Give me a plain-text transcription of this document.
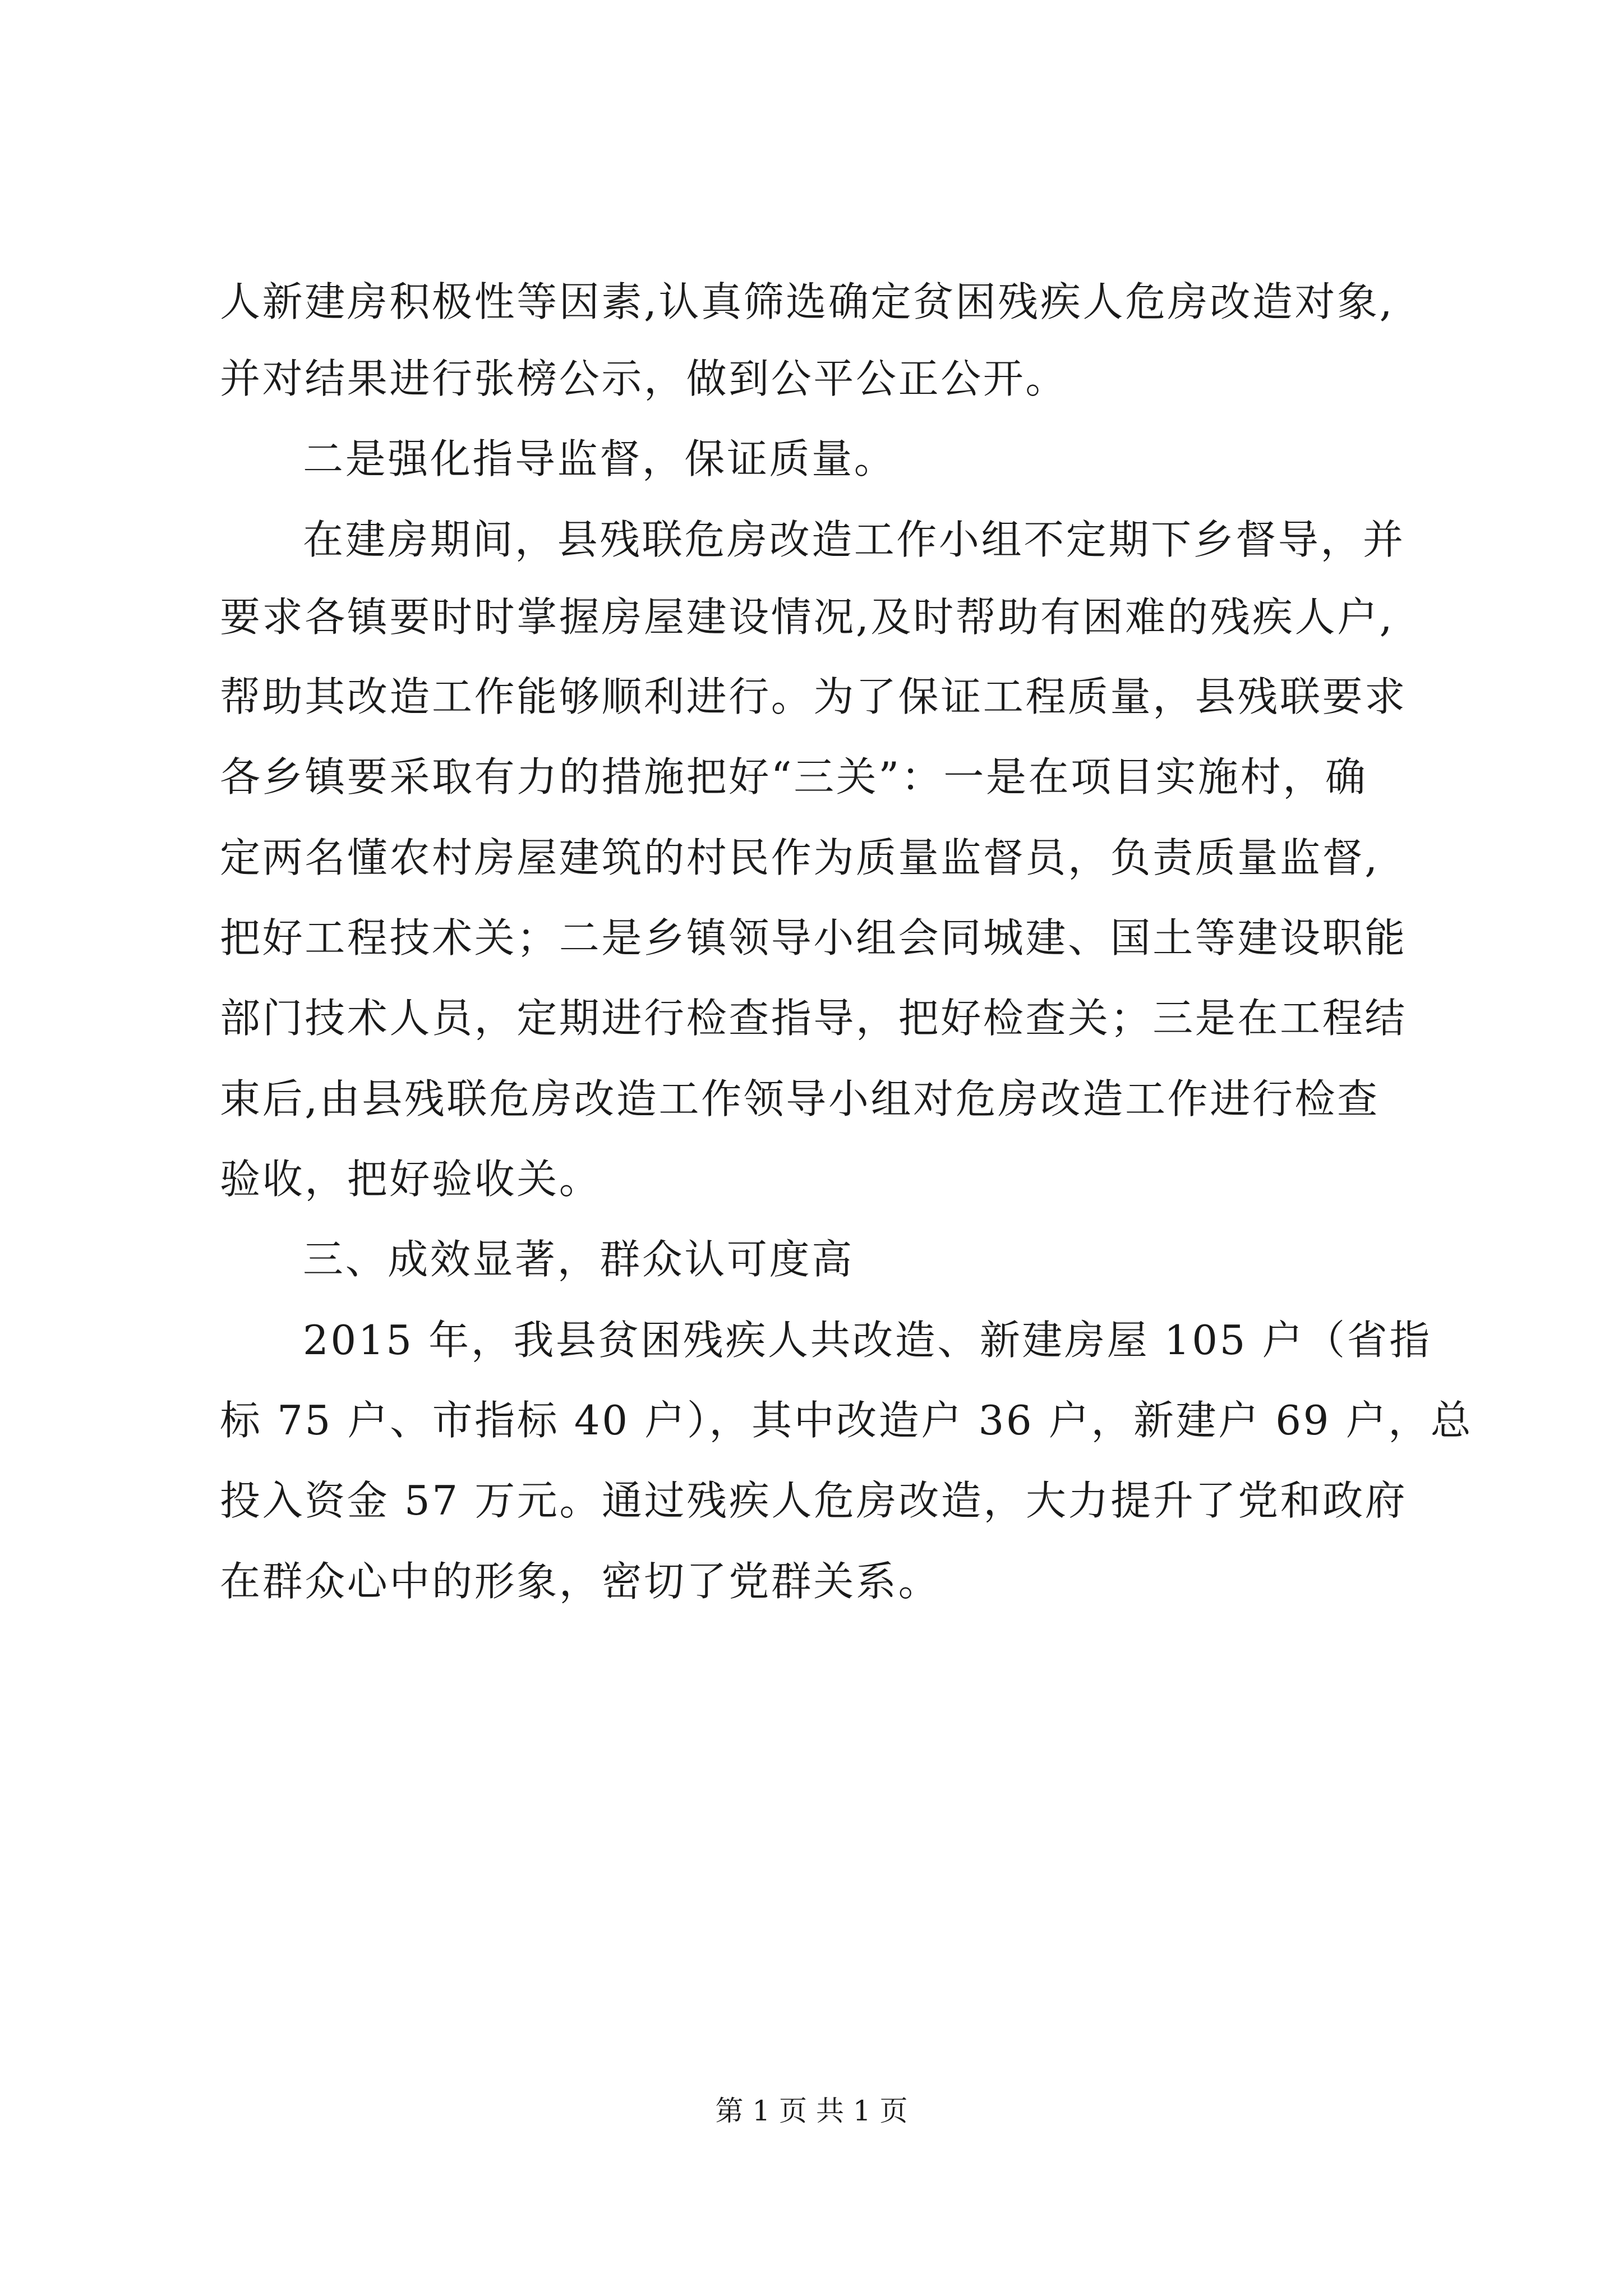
人新建房积极性等因素,认真筛选确定贫困残疾人危房改造对象,
并对结果进行张榜公示，做到公平公正公开。
二是强化指导监督，保证质量。
在建房期间，县残联危房改造工作小组不定期下乡督导，并
要求各镇要时时掌握房屋建设情况,及时帮助有困难的残疾人户,
帮助其改造工作能够顺利进行。为了保证工程质量，县残联要求
各乡镇要采取有力的措施把好“三关”：一是在项目实施村，确
定两名懂农村房屋建筑的村民作为质量监督员，负责质量监督,
把好工程技术关；二是乡镇领导小组会同城建、国土等建设职能
部门技术人员，定期进行检查指导，把好检查关；三是在工程结
束后,由县残联危房改造工作领导小组对危房改造工作进行检查
验收，把好验收关。
三、成效显著，群众认可度高
2015 年，我县贫困残疾人共改造、新建房屋 105 户（省指
标 75 户、市指标 40 户），其中改造户 36 户，新建户 69 户，总
投入资金 57 万元。通过残疾人危房改造，大力提升了党和政府
在群众心中的形象，密切了党群关系。
第 1 页 共 1 页
